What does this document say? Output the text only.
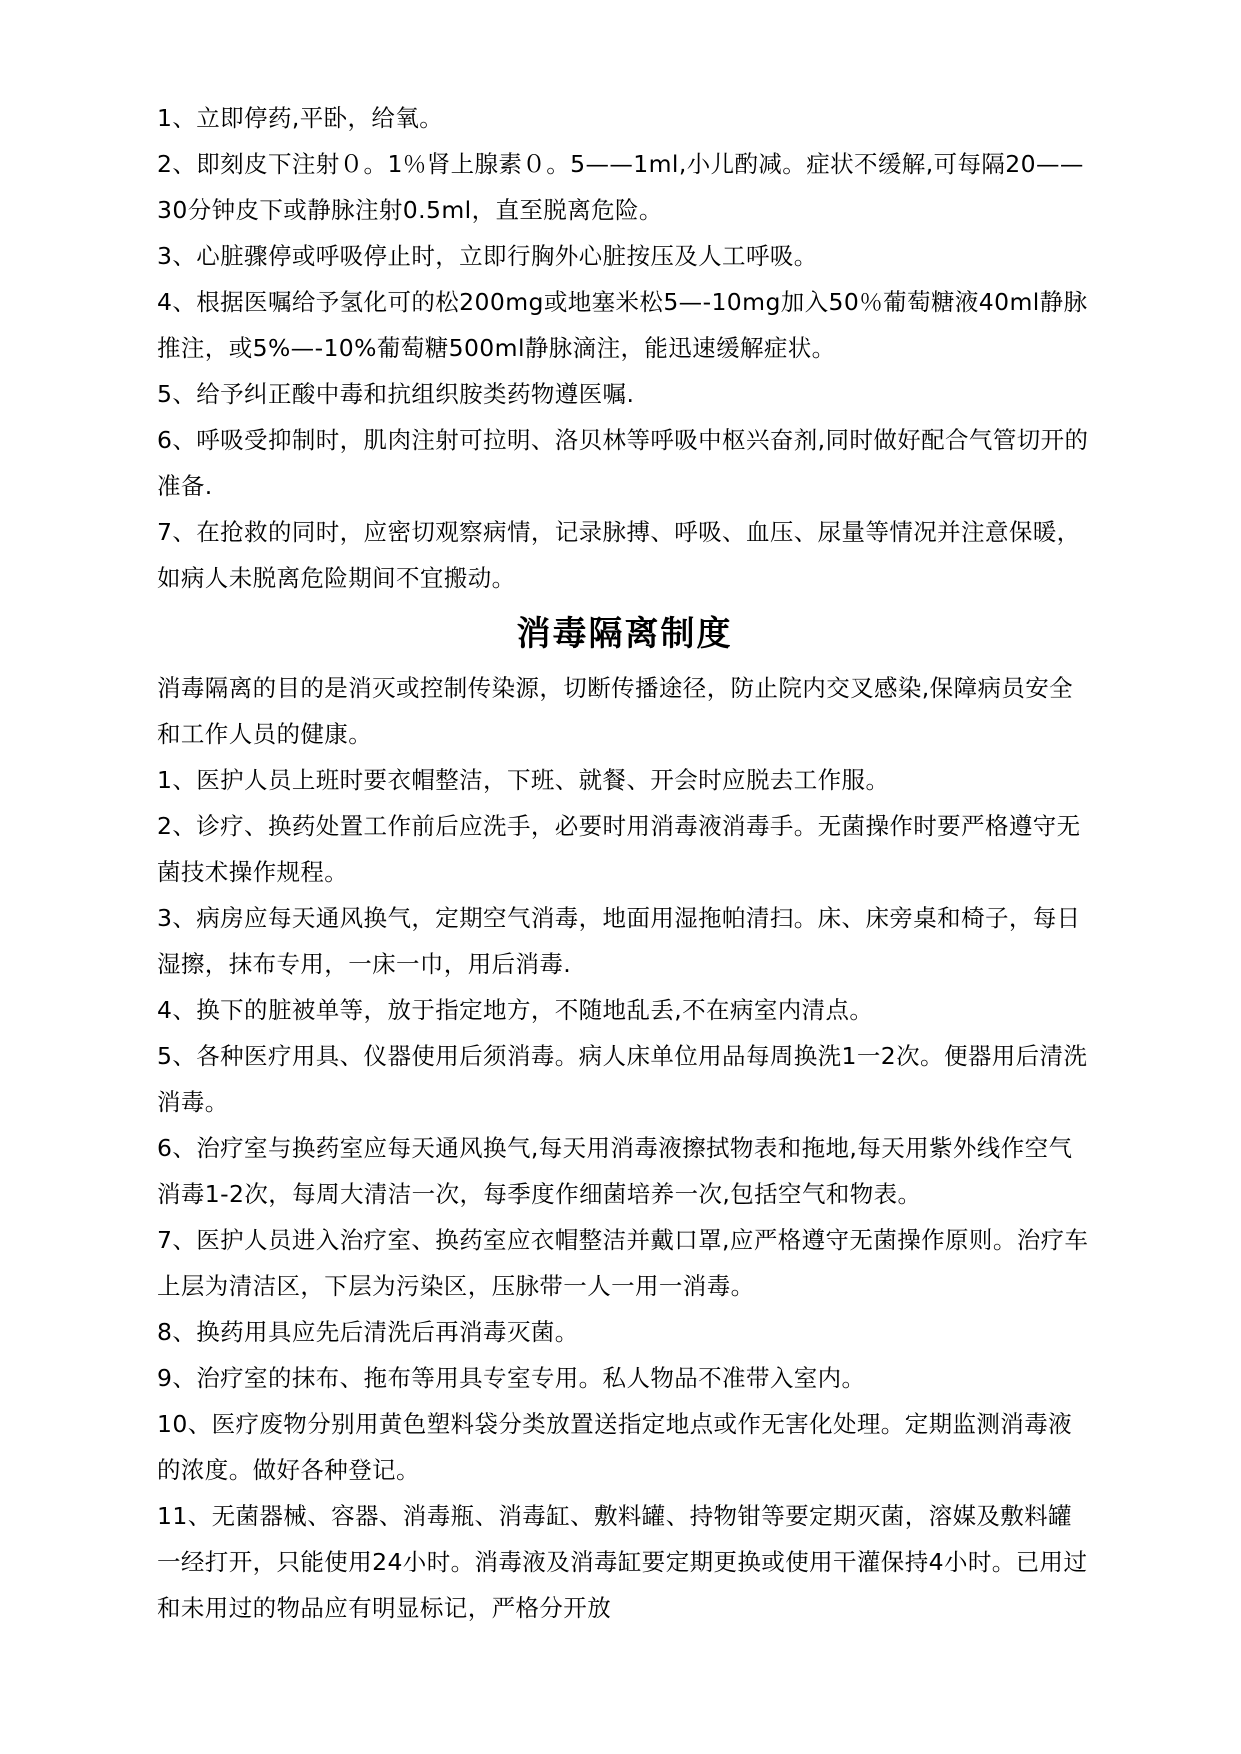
1、立即停药,平卧，给氧。

2、即刻皮下注射０。1％肾上腺素０。5——1ml,小儿酌减。症状不缓解,可每隔20——30分钟皮下或静脉注射0.5ml，直至脱离危险。

3、心脏骤停或呼吸停止时，立即行胸外心脏按压及人工呼吸。

4、根据医嘱给予氢化可的松200mg或地塞米松5—-10mg加入50％葡萄糖液40ml静脉推注，或5%—-10%葡萄糖500ml静脉滴注，能迅速缓解症状。

5、给予纠正酸中毒和抗组织胺类药物遵医嘱.

6、呼吸受抑制时，肌肉注射可拉明、洛贝林等呼吸中枢兴奋剂,同时做好配合气管切开的准备.

7、在抢救的同时，应密切观察病情，记录脉搏、呼吸、血压、尿量等情况并注意保暖，如病人未脱离危险期间不宜搬动。

消毒隔离制度

消毒隔离的目的是消灭或控制传染源，切断传播途径，防止院内交叉感染,保障病员安全和工作人员的健康。

1、医护人员上班时要衣帽整洁，下班、就餐、开会时应脱去工作服。

2、诊疗、换药处置工作前后应洗手，必要时用消毒液消毒手。无菌操作时要严格遵守无菌技术操作规程。

3、病房应每天通风换气，定期空气消毒，地面用湿拖帕清扫。床、床旁桌和椅子，每日湿擦，抹布专用，一床一巾，用后消毒.

4、换下的脏被单等，放于指定地方，不随地乱丢,不在病室内清点。

5、各种医疗用具、仪器使用后须消毒。病人床单位用品每周换洗1一2次。便器用后清洗消毒。

6、治疗室与换药室应每天通风换气,每天用消毒液擦拭物表和拖地,每天用紫外线作空气消毒1-2次，每周大清洁一次，每季度作细菌培养一次,包括空气和物表。

7、医护人员进入治疗室、换药室应衣帽整洁并戴口罩,应严格遵守无菌操作原则。治疗车上层为清洁区，下层为污染区，压脉带一人一用一消毒。

8、换药用具应先后清洗后再消毒灭菌。

9、治疗室的抹布、拖布等用具专室专用。私人物品不准带入室内。

10、医疗废物分别用黄色塑料袋分类放置送指定地点或作无害化处理。定期监测消毒液的浓度。做好各种登记。

11、无菌器械、容器、消毒瓶、消毒缸、敷料罐、持物钳等要定期灭菌，溶媒及敷料罐一经打开，只能使用24小时。消毒液及消毒缸要定期更换或使用干灌保持4小时。已用过和未用过的物品应有明显标记，严格分开放
